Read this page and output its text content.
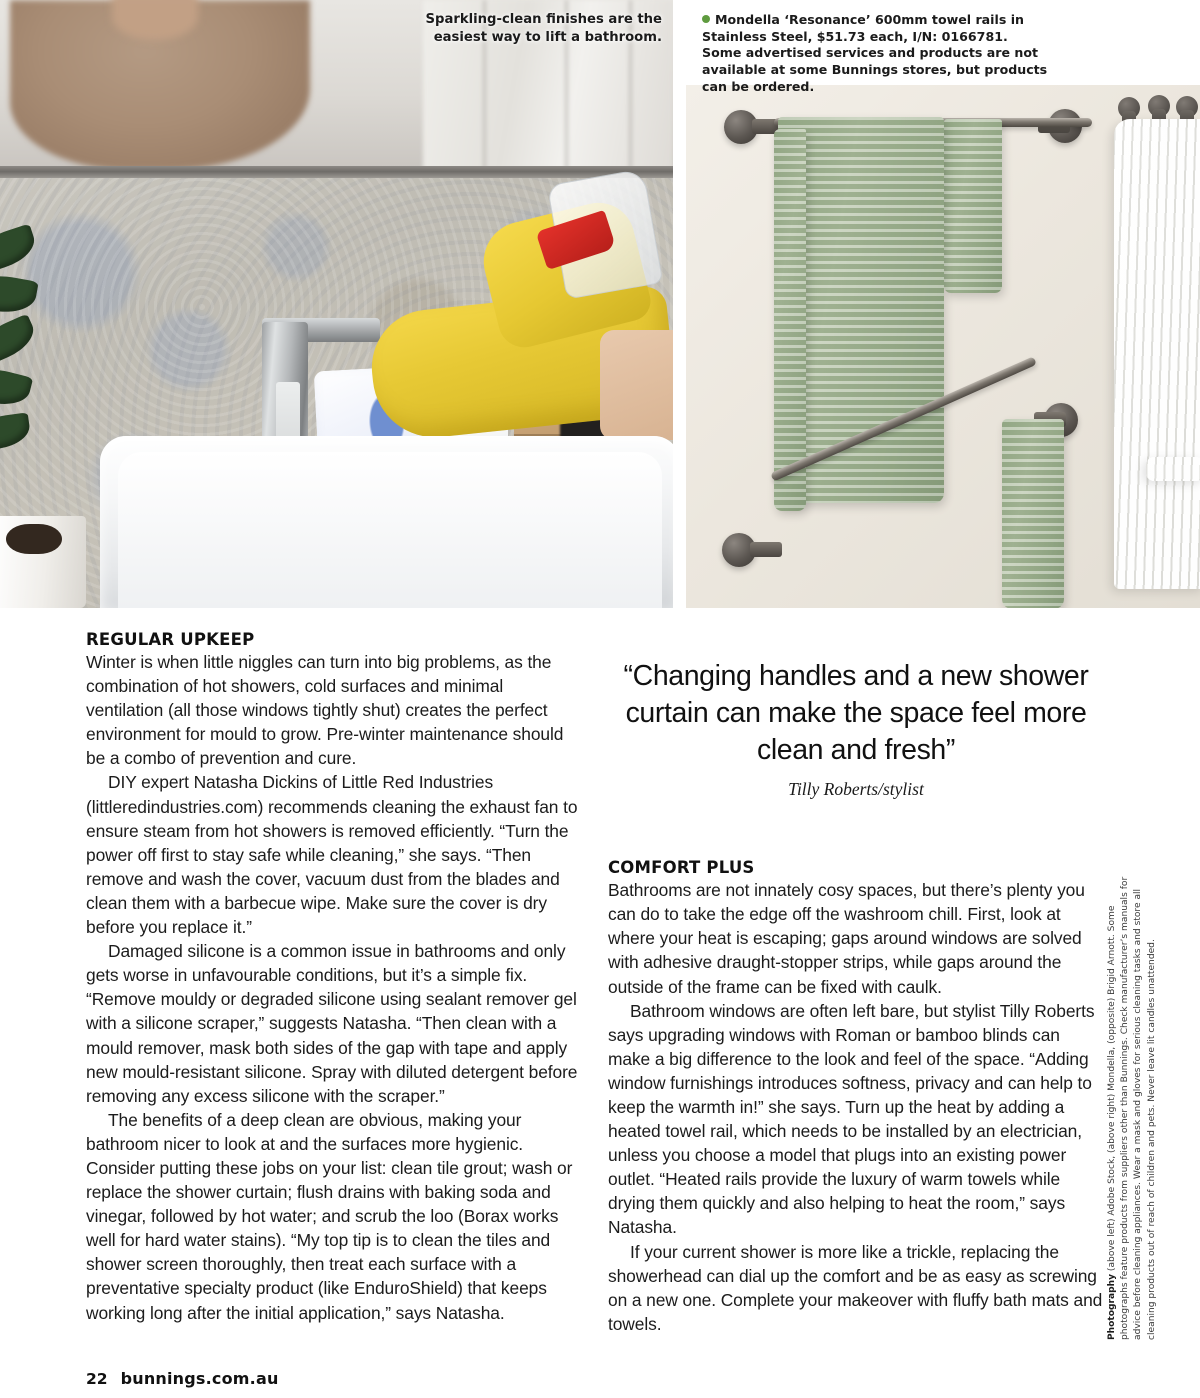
Sparkling-clean finishes are the easiest way to lift a bathroom.
Mondella ‘Resonance’ 600mm towel rails in Stainless Steel, $51.73 each, I/N: 0166781. Some advertised services and products are not available at some Bunnings stores, but products can be ordered.
REGULAR UPKEEP

Winter is when little niggles can turn into big problems, as the combination of hot showers, cold surfaces and minimal ventilation (all those windows tightly shut) creates the perfect environment for mould to grow. Pre-winter maintenance should be a combo of prevention and cure.

DIY expert Natasha Dickins of Little Red Industries (littleredindustries.com) recommends cleaning the exhaust fan to ensure steam from hot showers is removed efficiently. “Turn the power off first to stay safe while cleaning,” she says. “Then remove and wash the cover, vacuum dust from the blades and clean them with a barbecue wipe. Make sure the cover is dry before you replace it.”

Damaged silicone is a common issue in bathrooms and only gets worse in unfavourable conditions, but it’s a simple fix. “Remove mouldy or degraded silicone using sealant remover gel with a silicone scraper,” suggests Natasha. “Then clean with a mould remover, mask both sides of the gap with tape and apply new mould-resistant silicone. Spray with diluted detergent before removing any excess silicone with the scraper.”

The benefits of a deep clean are obvious, making your bathroom nicer to look at and the surfaces more hygienic. Consider putting these jobs on your list: clean tile grout; wash or replace the shower curtain; flush drains with baking soda and vinegar, followed by hot water; and scrub the loo (Borax works well for hard water stains). “My top tip is to clean the tiles and shower screen thoroughly, then treat each surface with a preventative specialty product (like EnduroShield) that keeps working long after the initial application,” says Natasha.

“Changing handles and a new shower curtain can make the space feel more clean and fresh”
Tilly Roberts/stylist
COMFORT PLUS

Bathrooms are not innately cosy spaces, but there’s plenty you can do to take the edge off the washroom chill. First, look at where your heat is escaping; gaps around windows are solved with adhesive draught-stopper strips, while gaps around the outside of the frame can be fixed with caulk.

Bathroom windows are often left bare, but stylist Tilly Roberts says upgrading windows with Roman or bamboo blinds can make a big difference to the look and feel of the space. “Adding window furnishings introduces softness, privacy and can help to keep the warmth in!” she says. Turn up the heat by adding a heated towel rail, which needs to be installed by an electrician, unless you choose a model that plugs into an existing power outlet. “Heated rails provide the luxury of warm towels while drying them quickly and also helping to heat the room,” says Natasha.

If your current shower is more like a trickle, replacing the showerhead can dial up the comfort and be as easy as screwing on a new one. Complete your makeover with fluffy bath mats and towels.	Photography (above left) Adobe Stock, (above right) Mondella, (opposite) Brigid Arnott. Some photographs feature products from suppliers other than Bunnings. Check manufacturer’s manuals for advice before cleaning appliances. Wear a mask and gloves for serious cleaning tasks and store all cleaning products out of reach of children and pets. Never leave lit candles unattended.
22 bunnings.com.au
